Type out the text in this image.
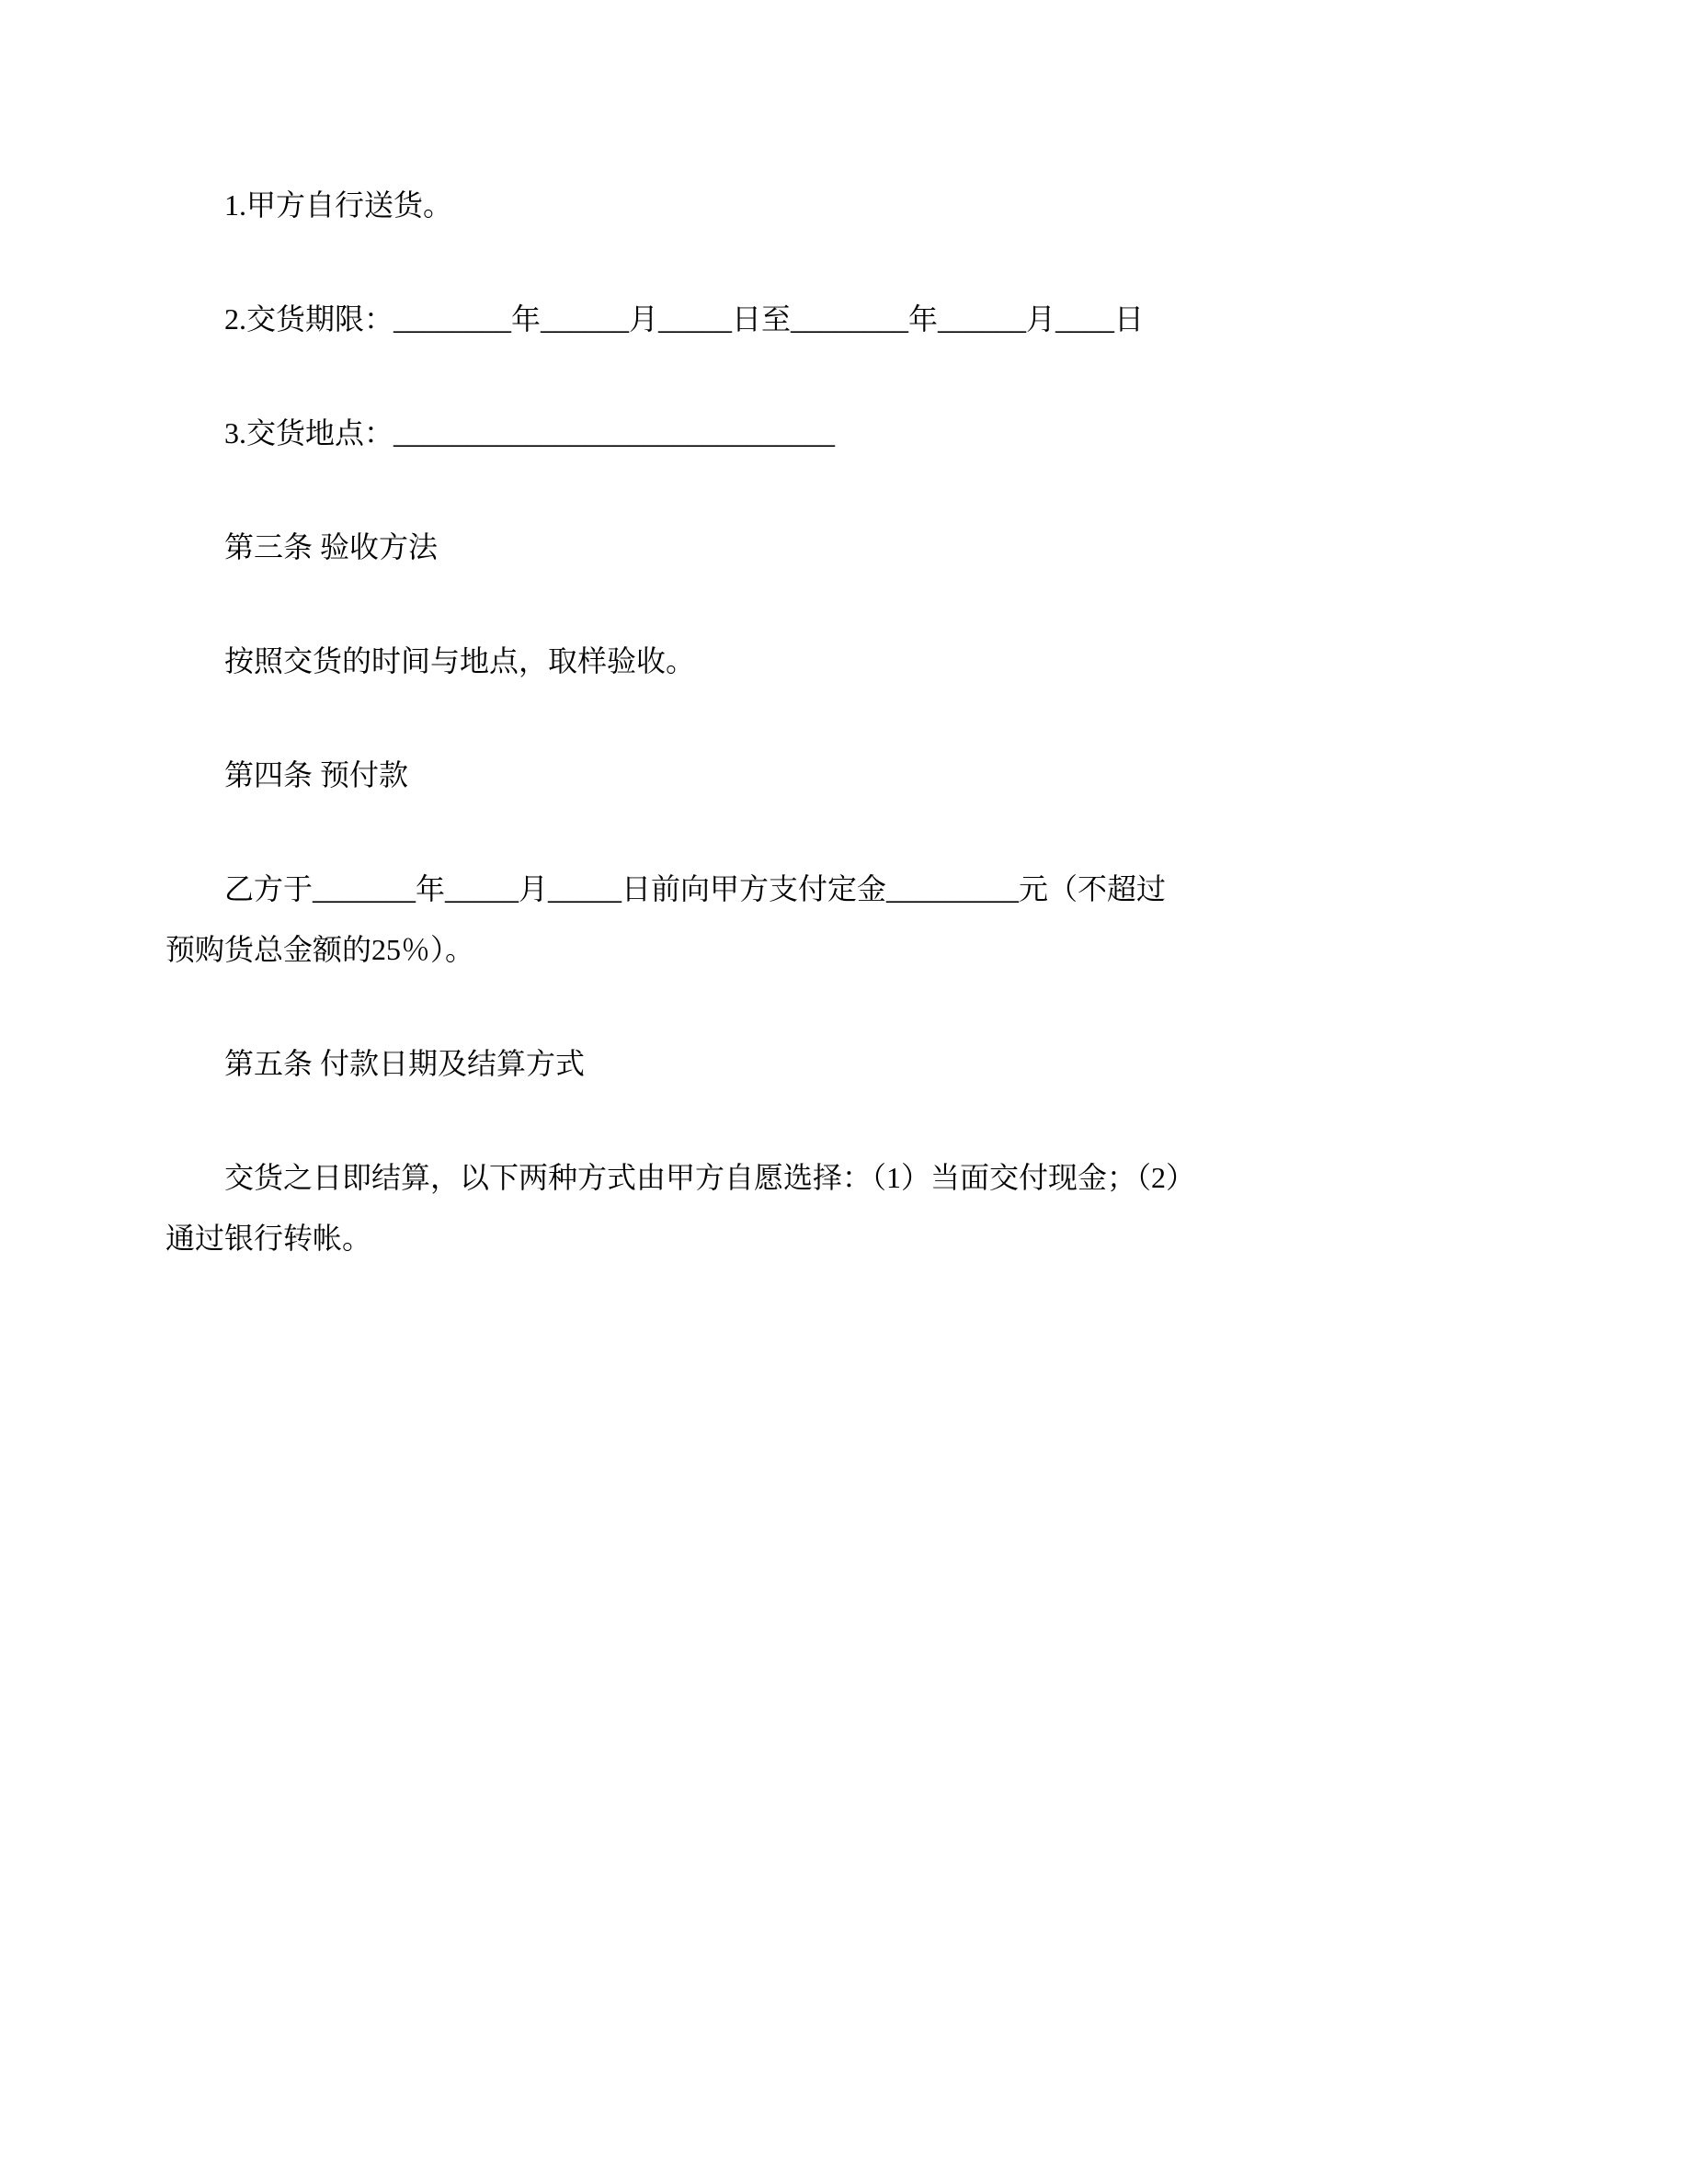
1.甲方自行送货。

2.交货期限：________年______月_____日至________年______月____日

3.交货地点：______________________________

第三条 验收方法

按照交货的时间与地点，取样验收。

第四条 预付款

乙方于_______年_____月_____日前向甲方支付定金_________元（不超过
预购货总金额的25％）。

第五条 付款日期及结算方式

交货之日即结算，以下两种方式由甲方自愿选择：（1）当面交付现金；（2）
通过银行转帐。
